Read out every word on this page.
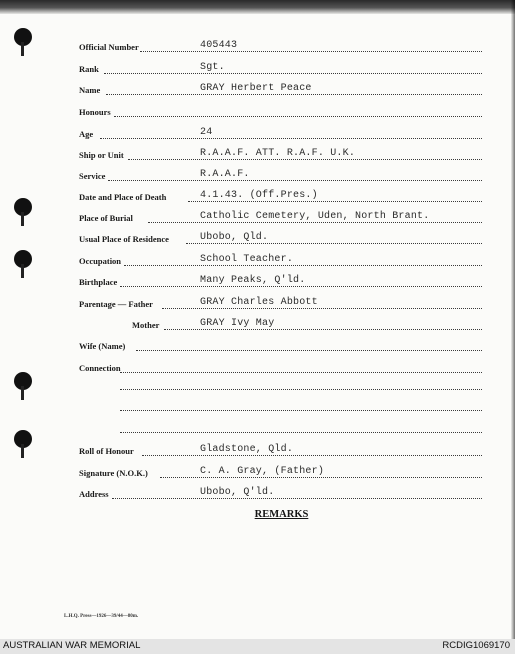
Official Number	405443
Rank	Sgt.
Name	GRAY Herbert Peace
Honours
Age	24
Ship or Unit	R.A.A.F. ATT. R.A.F. U.K.
Service	R.A.A.F.
Date and Place of Death	4.1.43. (Off.Pres.)
Place of Burial	Catholic Cemetery, Uden, North Brant.
Usual Place of Residence	Ubobo, Qld.
Occupation	School Teacher.
Birthplace	Many Peaks, Q'ld.
Parentage — Father	GRAY Charles Abbott
Mother	GRAY Ivy May
Wife (Name)
Connection
Roll of Honour	Gladstone, Qld.
Signature (N.O.K.)	C. A. Gray, (Father)
Address	Ubobo, Q'ld.
REMARKS
L.H.Q. Press—1926—39/44—80m.
AUSTRALIAN WAR MEMORIAL	RCDIG1069170
